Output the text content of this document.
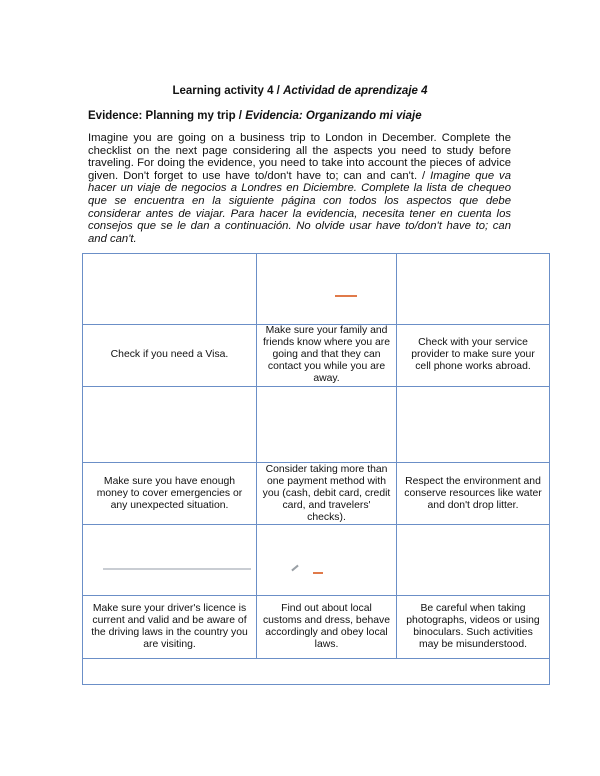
Learning activity 4 / Actividad de aprendizaje 4
Evidence: Planning my trip / Evidencia: Organizando mi viaje

Imagine you are going on a business trip to London in December. Complete the checklist on the next page considering all the aspects you need to study before traveling. For doing the evidence, you need to take into account the pieces of advice given. Don't forget to use have to/don't have to; can and can't. / Imagine que va hacer un viaje de negocios a Londres en Diciembre. Complete la lista de chequeo que se encuentra en la siguiente página con todos los aspectos que debe considerar antes de viajar. Para hacer la evidencia, necesita tener en cuenta los consejos que se le dan a continuación. No olvide usar have to/don't have to; can and can't.

Check if you need a Visa.	Make sure your family and friends know where you are going and that they can contact you while you are away.	Check with your service provider to make sure your cell phone works abroad.

Make sure you have enough money to cover emergencies or any unexpected situation.	Consider taking more than one payment method with you (cash, debit card, credit card, and travelers' checks).	Respect the environment and conserve resources like water and don't drop litter.

Make sure your driver's licence is current and valid and be aware of the driving laws in the country you are visiting.	Find out about local customs and dress, behave accordingly and obey local laws.	Be careful when taking photographs, videos or using binoculars. Such activities may be misunderstood.
